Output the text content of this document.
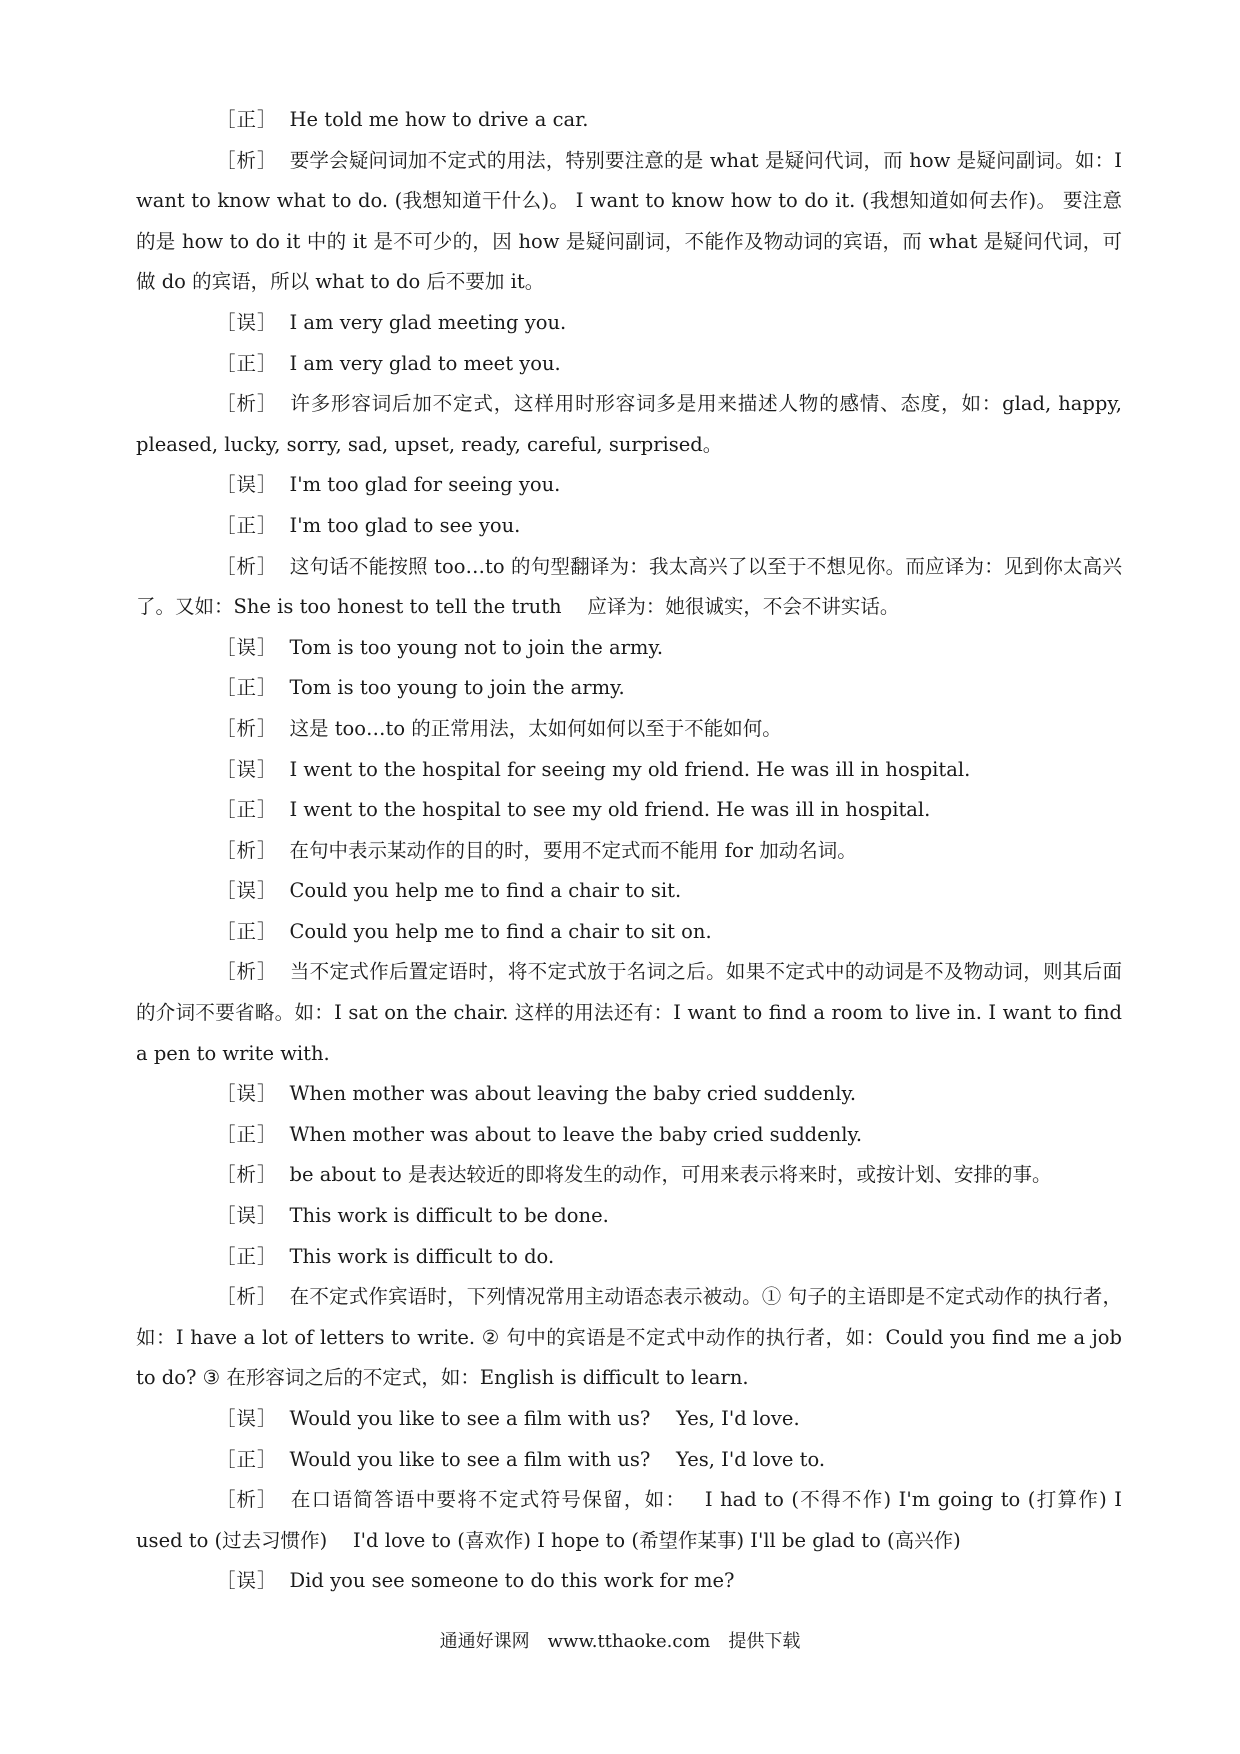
［正］ He told me how to drive a car.

［析］ 要学会疑问词加不定式的用法，特别要注意的是 what 是疑问代词，而 how 是疑问副词。如：I want to know what to do. (我想知道干什么)。 I want to know how to do it. (我想知道如何去作)。 要注意的是 how to do it 中的 it 是不可少的，因 how 是疑问副词，不能作及物动词的宾语，而 what 是疑问代词，可做 do 的宾语，所以 what to do 后不要加 it。

［误］ I am very glad meeting you.

［正］ I am very glad to meet you.

［析］ 许多形容词后加不定式，这样用时形容词多是用来描述人物的感情、态度，如：glad, happy, pleased, lucky, sorry, sad, upset, ready, careful, surprised。

［误］ I'm too glad for seeing you.

［正］ I'm too glad to see you.

［析］ 这句话不能按照 too…to 的句型翻译为：我太高兴了以至于不想见你。而应译为：见到你太高兴了。又如：She is too honest to tell the truth　 应译为：她很诚实，不会不讲实话。

［误］ Tom is too young not to join the army.

［正］ Tom is too young to join the army.

［析］ 这是 too…to 的正常用法，太如何如何以至于不能如何。

［误］ I went to the hospital for seeing my old friend. He was ill in hospital.

［正］ I went to the hospital to see my old friend. He was ill in hospital.

［析］ 在句中表示某动作的目的时，要用不定式而不能用 for 加动名词。

［误］ Could you help me to find a chair to sit.

［正］ Could you help me to find a chair to sit on.

［析］ 当不定式作后置定语时，将不定式放于名词之后。如果不定式中的动词是不及物动词，则其后面的介词不要省略。如：I sat on the chair. 这样的用法还有：I want to find a room to live in. I want to find a pen to write with.

［误］ When mother was about leaving the baby cried suddenly.

［正］ When mother was about to leave the baby cried suddenly.

［析］ be about to 是表达较近的即将发生的动作，可用来表示将来时，或按计划、安排的事。

［误］ This work is difficult to be done.

［正］ This work is difficult to do.

［析］ 在不定式作宾语时，下列情况常用主动语态表示被动。① 句子的主语即是不定式动作的执行者，如：I have a lot of letters to write. ② 句中的宾语是不定式中动作的执行者，如：Could you find me a job to do? ③ 在形容词之后的不定式，如：English is difficult to learn.

［误］ Would you like to see a film with us?　 Yes, I'd love.

［正］ Would you like to see a film with us?　 Yes, I'd love to.

［析］ 在口语简答语中要将不定式符号保留，如：　 I had to (不得不作) I'm going to (打算作) I used to (过去习惯作)　 I'd love to (喜欢作) I hope to (希望作某事) I'll be glad to (高兴作)

［误］ Did you see someone to do this work for me?

通通好课网　www.tthaoke.com　提供下载
